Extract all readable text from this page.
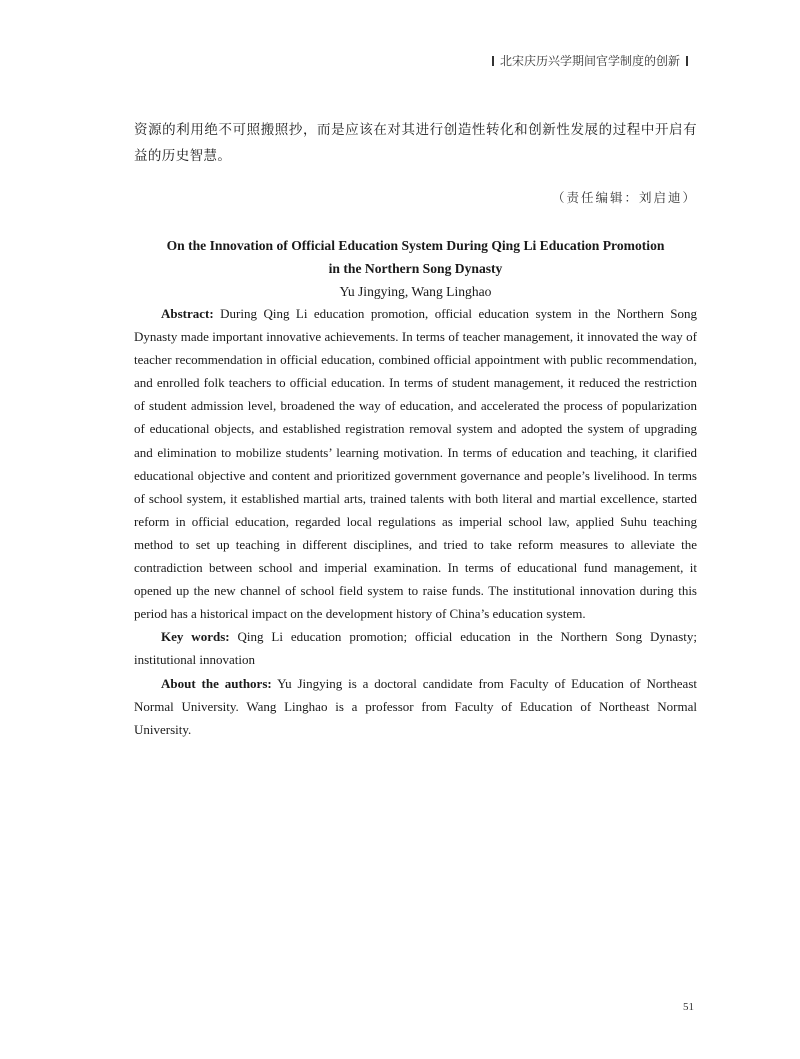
北宋庆历兴学期间官学制度的创新

资源的利用绝不可照搬照抄，而是应该在对其进行创造性转化和创新性发展的过程中开启有益的历史智慧。

（责任编辑：刘启迪）
On the Innovation of Official Education System During Qing Li Education Promotion
in the Northern Song Dynasty

Yu Jingying, Wang Linghao

Abstract: During Qing Li education promotion, official education system in the Northern Song Dynasty made important innovative achievements. In terms of teacher management, it innovated the way of teacher recommendation in official education, combined official appointment with public recommendation, and enrolled folk teachers to official education. In terms of student management, it reduced the restriction of student admission level, broadened the way of education, and accelerated the process of popularization of educational objects, and established registration removal system and adopted the system of upgrading and elimination to mobilize students’ learning motivation. In terms of education and teaching, it clarified educational objective and content and prioritized government governance and people’s livelihood. In terms of school system, it established martial arts, trained talents with both literal and martial excellence, started reform in official education, regarded local regulations as imperial school law, applied Suhu teaching method to set up teaching in different disciplines, and tried to take reform measures to alleviate the contradiction between school and imperial examination. In terms of educational fund management, it opened up the new channel of school field system to raise funds. The institutional innovation during this period has a historical impact on the development history of China’s education system.

Key words: Qing Li education promotion; official education in the Northern Song Dynasty; institutional innovation

About the authors: Yu Jingying is a doctoral candidate from Faculty of Education of Northeast Normal University. Wang Linghao is a professor from Faculty of Education of Northeast Normal University.

51
